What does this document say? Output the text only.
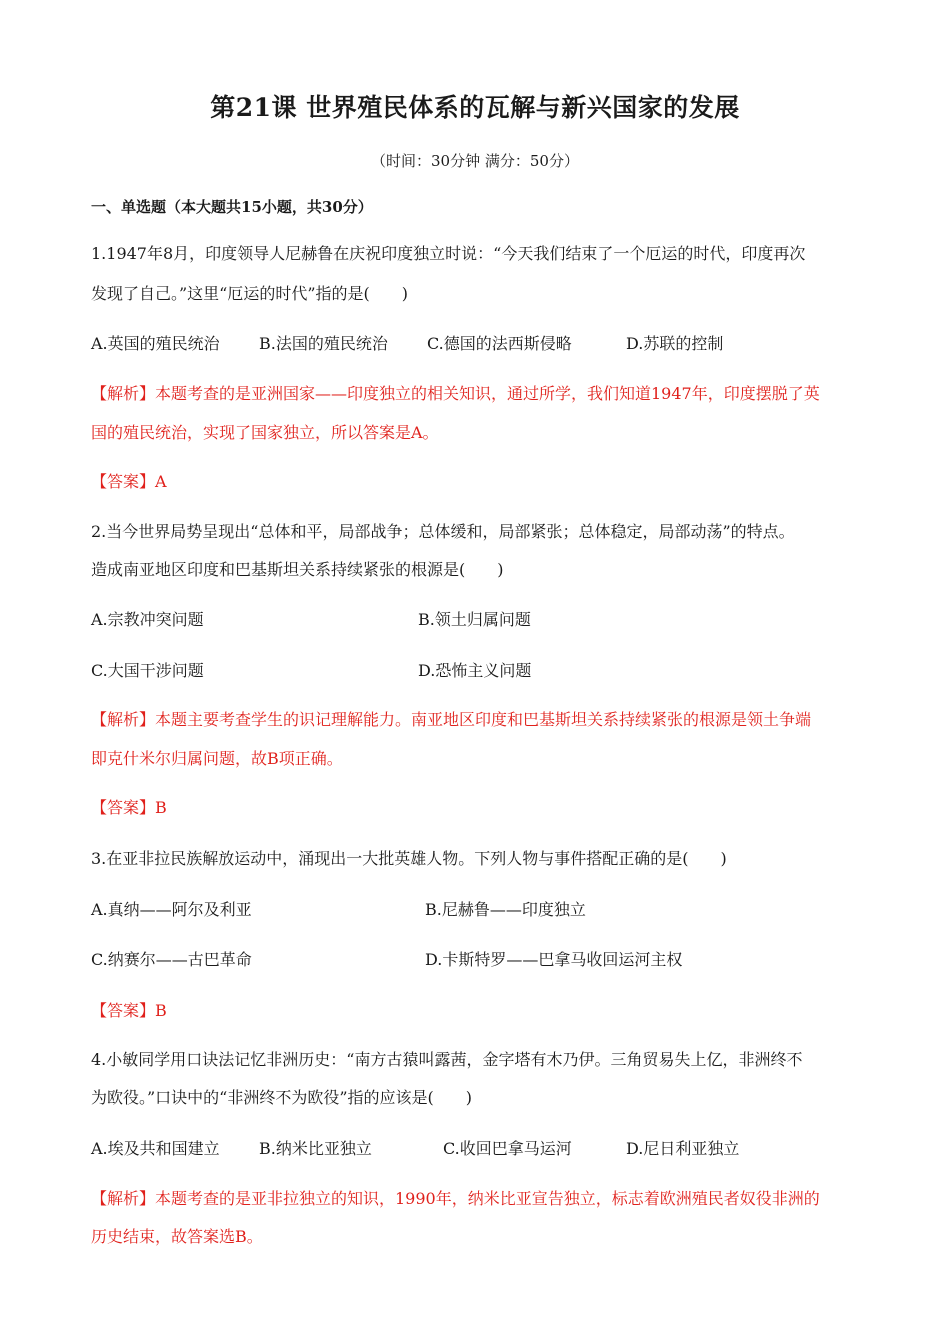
第21课 世界殖民体系的瓦解与新兴国家的发展
（时间：30分钟 满分：50分）
一、单选题（本大题共15小题，共30分）
1.1947年8月，印度领导人尼赫鲁在庆祝印度独立时说：“今天我们结束了一个厄运的时代，印度再次
发现了自己。”这里“厄运的时代”指的是(　　)
A.英国的殖民统治 B.法国的殖民统治 C.德国的法西斯侵略	D.苏联的控制
【解析】本题考查的是亚洲国家——印度独立的相关知识，通过所学，我们知道1947年，印度摆脱了英
国的殖民统治，实现了国家独立，所以答案是A。
【答案】A
2.当今世界局势呈现出“总体和平，局部战争；总体缓和，局部紧张；总体稳定，局部动荡”的特点。
造成南亚地区印度和巴基斯坦关系持续紧张的根源是(　　)
A.宗教冲突问题	B.领土归属问题
C.大国干涉问题	D.恐怖主义问题
【解析】本题主要考查学生的识记理解能力。南亚地区印度和巴基斯坦关系持续紧张的根源是领土争端
即克什米尔归属问题，故B项正确。
【答案】B
3.在亚非拉民族解放运动中，涌现出一大批英雄人物。下列人物与事件搭配正确的是(　　)
A.真纳——阿尔及利亚	B.尼赫鲁——印度独立
C.纳赛尔——古巴革命	D.卡斯特罗——巴拿马收回运河主权
【答案】B
4.小敏同学用口诀法记忆非洲历史：“南方古猿叫露茜，金字塔有木乃伊。三角贸易失上亿，非洲终不
为欧役。”口诀中的“非洲终不为欧役”指的应该是(　　)
A.埃及共和国建立 B.纳米比亚独立	C.收回巴拿马运河	D.尼日利亚独立
【解析】本题考查的是亚非拉独立的知识，1990年，纳米比亚宣告独立，标志着欧洲殖民者奴役非洲的
历史结束，故答案选B。
